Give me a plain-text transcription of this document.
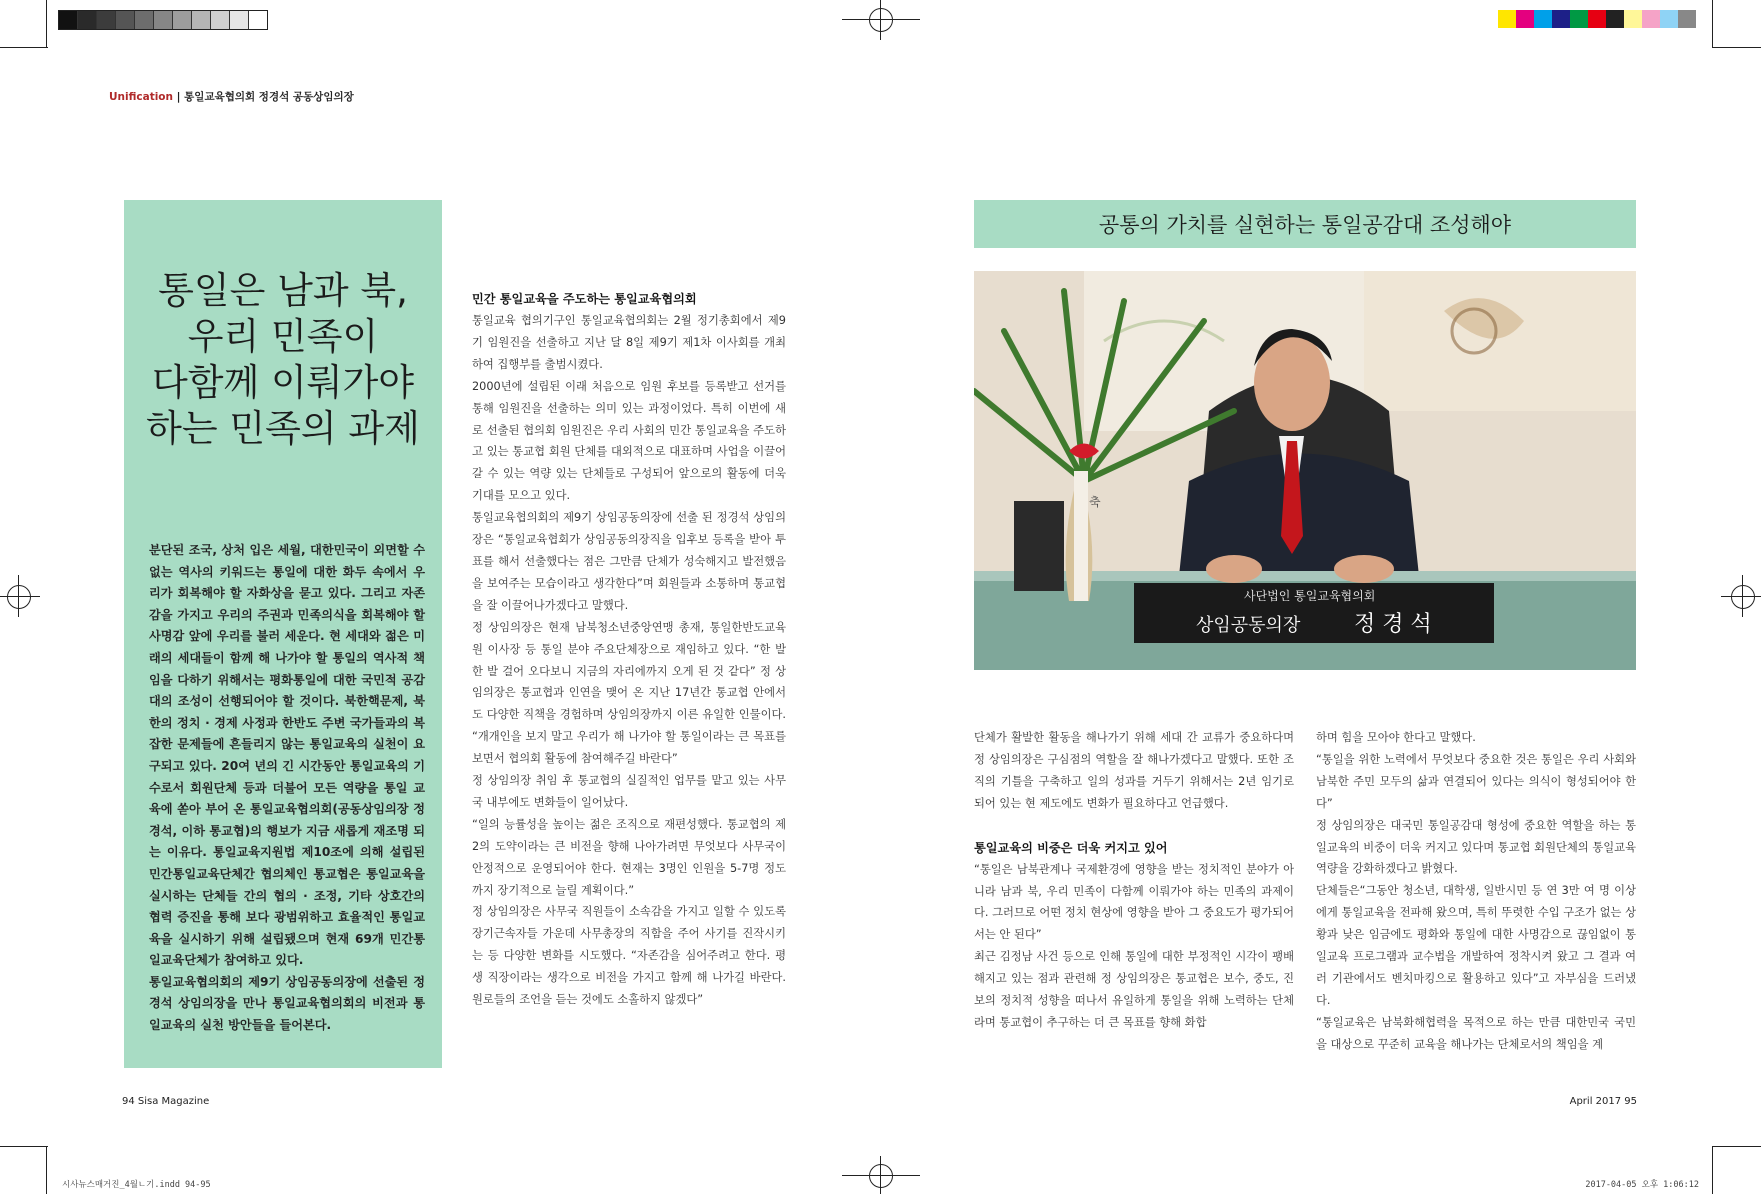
Unification | 통일교육협의회 정경석 공동상임의장
통일은 남과 북,
우리 민족이
다함께 이뤄가야
하는 민족의 과제

분단된 조국, 상처 입은 세월, 대한민국이 외면할 수 없는 역사의 키워드는 통일에 대한 화두 속에서 우리가 회복해야 할 자화상을 묻고 있다. 그리고 자존감을 가지고 우리의 주권과 민족의식을 회복해야 할 사명감 앞에 우리를 불러 세운다. 현 세대와 젊은 미래의 세대들이 함께 해 나가야 할 통일의 역사적 책임을 다하기 위해서는 평화통일에 대한 국민적 공감대의 조성이 선행되어야 할 것이다. 북한핵문제, 북한의 정치 · 경제 사정과 한반도 주변 국가들과의 복잡한 문제들에 흔들리지 않는 통일교육의 실천이 요구되고 있다. 20여 년의 긴 시간동안 통일교육의 기수로서 회원단체 등과 더불어 모든 역량을 통일 교육에 쏟아 부어 온 통일교육협의회(공동상임의장 정경석, 이하 통교협)의 행보가 지금 새롭게 재조명 되는 이유다. 통일교육지원법 제10조에 의해 설립된 민간통일교육단체간 협의체인 통교협은 통일교육을 실시하는 단체들 간의 협의 · 조정, 기타 상호간의 협력 증진을 통해 보다 광범위하고 효율적인 통일교육을 실시하기 위해 설립됐으며 현재 69개 민간통일교육단체가 참여하고 있다.

통일교육협의회의 제9기 상임공동의장에 선출된 정경석 상임의장을 만나 통일교육협의회의 비전과 통일교육의 실천 방안들을 들어본다.

민간 통일교육을 주도하는 통일교육협의회

통일교육 협의기구인 통일교육협의회는 2월 정기총회에서 제9기 임원진을 선출하고 지난 달 8일 제9기 제1차 이사회를 개최하여 집행부를 출범시켰다.

2000년에 설립된 이래 처음으로 임원 후보를 등록받고 선거를 통해 임원진을 선출하는 의미 있는 과정이었다. 특히 이번에 새로 선출된 협의회 임원진은 우리 사회의 민간 통일교육을 주도하고 있는 통교협 회원 단체를 대외적으로 대표하며 사업을 이끌어 갈 수 있는 역량 있는 단체들로 구성되어 앞으로의 활동에 더욱 기대를 모으고 있다.

통일교육협의회의 제9기 상임공동의장에 선출 된 정경석 상임의장은 “통일교육협회가 상임공동의장직을 입후보 등록을 받아 투표를 해서 선출했다는 점은 그만큼 단체가 성숙해지고 발전했음을 보여주는 모습이라고 생각한다”며 회원들과 소통하며 통교협을 잘 이끌어나가겠다고 말했다.

정 상임의장은 현재 남북청소년중앙연맹 총재, 통일한반도교육원 이사장 등 통일 분야 주요단체장으로 재임하고 있다. “한 발 한 발 걸어 오다보니 지금의 자리에까지 오게 된 것 같다” 정 상임의장은 통교협과 인연을 맺어 온 지난 17년간 통교협 안에서도 다양한 직책을 경험하며 상임의장까지 이른 유일한 인물이다. “개개인을 보지 말고 우리가 해 나가야 할 통일이라는 큰 목표를 보면서 협의회 활동에 참여해주길 바란다”

정 상임의장 취임 후 통교협의 실질적인 업무를 맡고 있는 사무국 내부에도 변화들이 일어났다.

“일의 능률성을 높이는 젊은 조직으로 재편성했다. 통교협의 제2의 도약이라는 큰 비전을 향해 나아가려면 무엇보다 사무국이 안정적으로 운영되어야 한다. 현재는 3명인 인원을 5-7명 정도까지 장기적으로 늘릴 계획이다.”

정 상임의장은 사무국 직원들이 소속감을 가지고 일할 수 있도록 장기근속자들 가운데 사무총장의 직함을 주어 사기를 진작시키는 등 다양한 변화를 시도했다. “자존감을 심어주려고 한다. 평생 직장이라는 생각으로 비전을 가지고 함께 해 나가길 바란다. 원로들의 조언을 듣는 것에도 소홀하지 않겠다”

공통의 가치를 실현하는 통일공감대 조성해야
축
사단법인 통일교육협의회
상임공동의장 정 경 석

단체가 활발한 활동을 해나가기 위해 세대 간 교류가 중요하다며 정 상임의장은 구심점의 역할을 잘 해나가겠다고 말했다. 또한 조직의 기틀을 구축하고 일의 성과를 거두기 위해서는 2년 임기로 되어 있는 현 제도에도 변화가 필요하다고 언급했다.

통일교육의 비중은 더욱 커지고 있어

“통일은 남북관계나 국제환경에 영향을 받는 정치적인 분야가 아니라 남과 북, 우리 민족이 다함께 이뤄가야 하는 민족의 과제이다. 그러므로 어떤 정치 현상에 영향을 받아 그 중요도가 평가되어서는 안 된다”

최근 김정남 사건 등으로 인해 통일에 대한 부정적인 시각이 팽배해지고 있는 점과 관련해 정 상임의장은 통교협은 보수, 중도, 진보의 정치적 성향을 떠나서 유일하게 통일을 위해 노력하는 단체라며 통교협이 추구하는 더 큰 목표를 향해 화합

하며 힘을 모아야 한다고 말했다.

“통일을 위한 노력에서 무엇보다 중요한 것은 통일은 우리 사회와 남북한 주민 모두의 삶과 연결되어 있다는 의식이 형성되어야 한다”

정 상임의장은 대국민 통일공감대 형성에 중요한 역할을 하는 통일교육의 비중이 더욱 커지고 있다며 통교협 회원단체의 통일교육 역량을 강화하겠다고 밝혔다.

단체들은“그동안 청소년, 대학생, 일반시민 등 연 3만 여 명 이상에게 통일교육을 전파해 왔으며, 특히 뚜렷한 수입 구조가 없는 상황과 낮은 임금에도 평화와 통일에 대한 사명감으로 끊임없이 통일교육 프로그램과 교수법을 개발하여 정착시켜 왔고 그 결과 여러 기관에서도 벤치마킹으로 활용하고 있다”고 자부심을 드러냈다.

“통일교육은 남북화해협력을 목적으로 하는 만큼 대한민국 국민을 대상으로 꾸준히 교육을 해나가는 단체로서의 책임을 계

94 Sisa Magazine	April 2017 95
시사뉴스매거진_4월ㄴ기.indd 94-95	2017-04-05 오후 1:06:12
